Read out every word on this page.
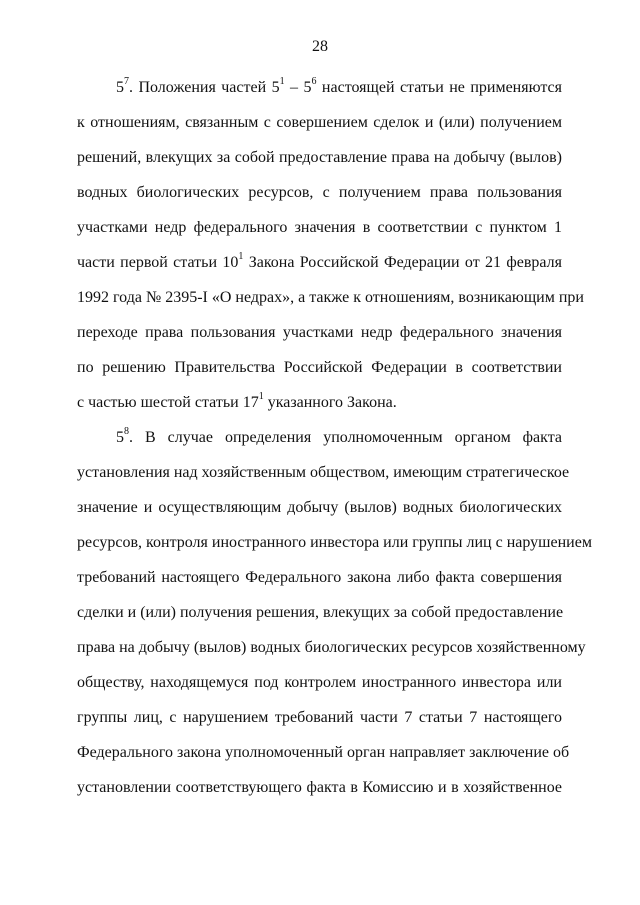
28
$5^7$. Положения частей $5^1 - 5^6$ настоящей статьи не применяются
к отношениям, связанным с совершением сделок и (или) получением
решений, влекущих за собой предоставление права на добычу (вылов)
водных биологических ресурсов, с получением права пользования
участками недр федерального значения в соответствии с пунктом 1
части первой статьи $10^1$ Закона Российской Федерации от 21 февраля
1992 года № 2395-I «О недрах», а также к отношениям, возникающим при
переходе права пользования участками недр федерального значения
по решению Правительства Российской Федерации в соответствии
с частью шестой статьи $17^1$ указанного Закона.
$5^8$. В случае определения уполномоченным органом факта
установления над хозяйственным обществом, имеющим стратегическое
значение и осуществляющим добычу (вылов) водных биологических
ресурсов, контроля иностранного инвестора или группы лиц с нарушением
требований настоящего Федерального закона либо факта совершения
сделки и (или) получения решения, влекущих за собой предоставление
права на добычу (вылов) водных биологических ресурсов хозяйственному
обществу, находящемуся под контролем иностранного инвестора или
группы лиц, с нарушением требований части 7 статьи 7 настоящего
Федерального закона уполномоченный орган направляет заключение об
установлении соответствующего факта в Комиссию и в хозяйственное
